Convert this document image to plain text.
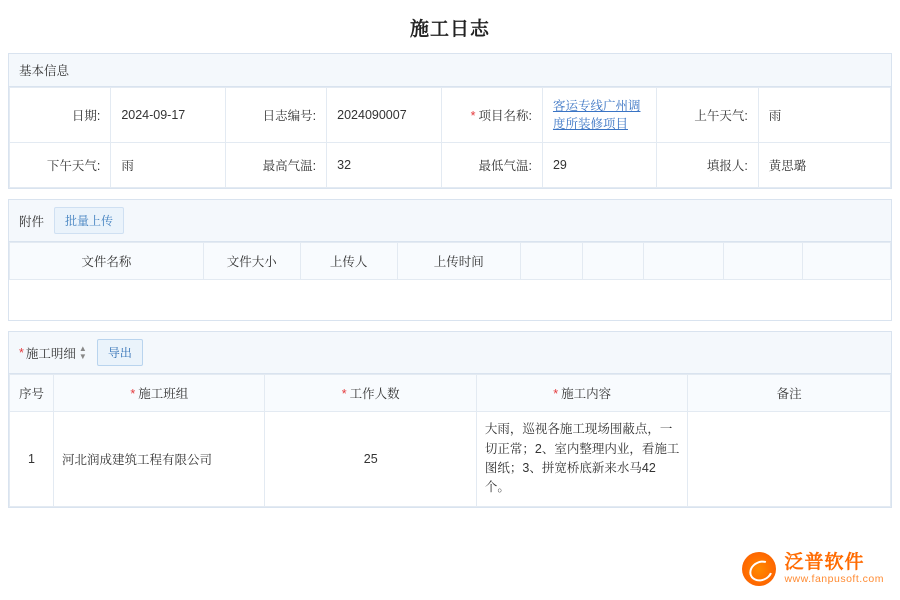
施工日志
基本信息
日期:	2024-09-17	日志编号:	2024090007	* 项目名称:	客运专线广州调度所装修项目	上午天气:	雨
下午天气:	雨	最高气温:	32	最低气温:	29	填报人:	黄思璐
附件	批量上传
文件名称	文件大小	上传人	上传时间					
* 施工明细 ▲
▼	导出
序号	* 施工班组	* 工作人数	* 施工内容	备注
1	河北润成建筑工程有限公司	25	大雨，巡视各施工现场围蔽点，一切正常；2、室内整理内业，看施工图纸；3、拼宽桥底新来水马42个。	
泛普软件
www.fanpusoft.com
